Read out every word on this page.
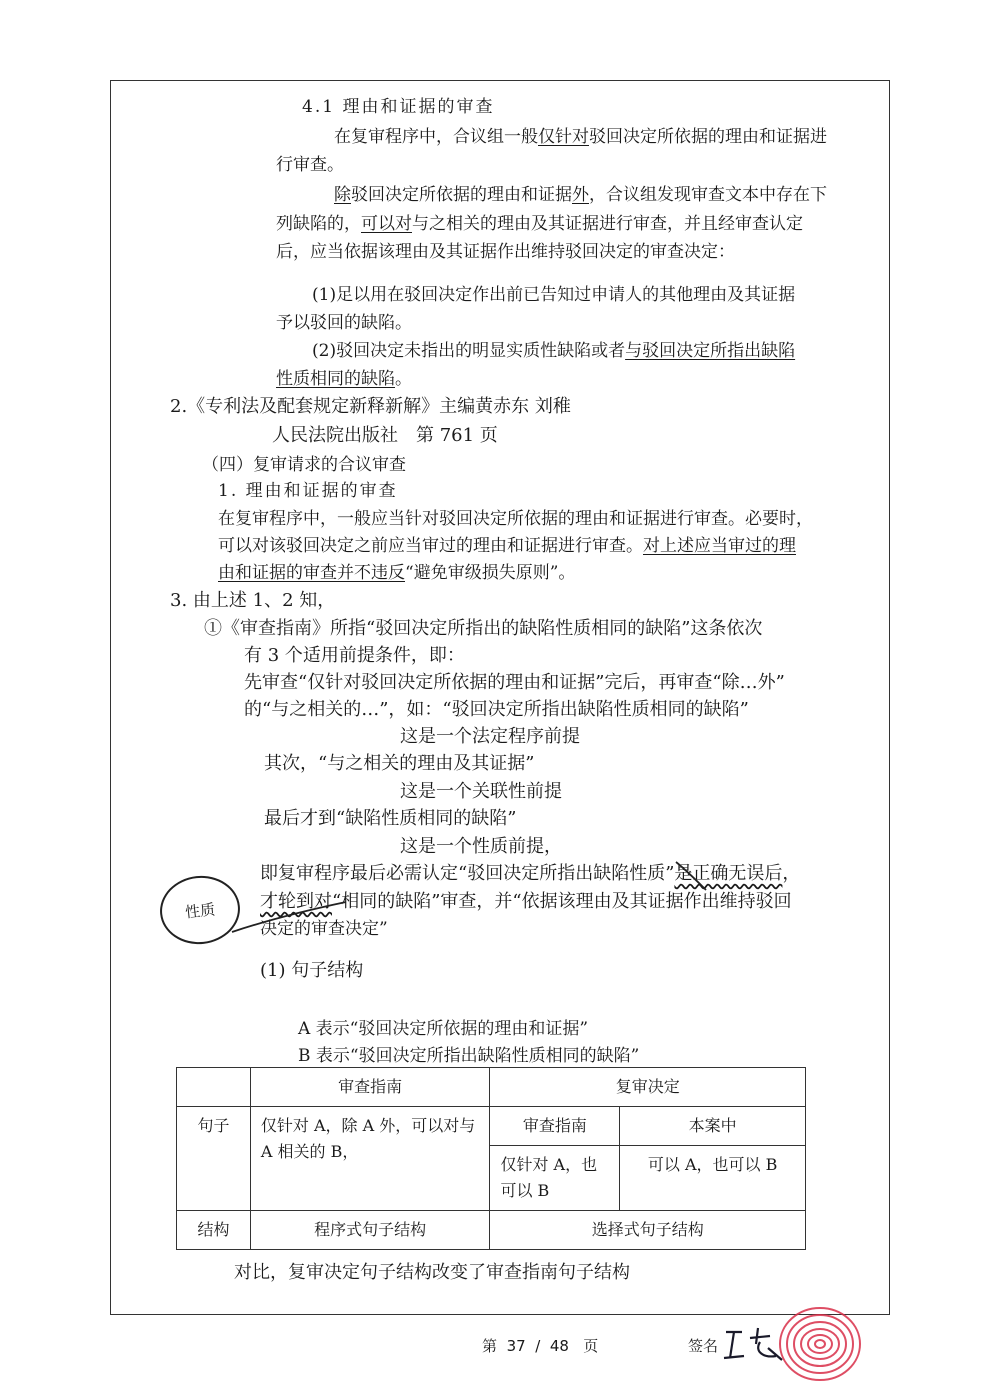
4.1 理由和证据的审查
在复审程序中，合议组一般仅针对驳回决定所依据的理由和证据进
行审查。
除驳回决定所依据的理由和证据外，合议组发现审查文本中存在下
列缺陷的，可以对与之相关的理由及其证据进行审查，并且经审查认定
后，应当依据该理由及其证据作出维持驳回决定的审查决定：
(1)足以用在驳回决定作出前已告知过申请人的其他理由及其证据
予以驳回的缺陷。
(2)驳回决定未指出的明显实质性缺陷或者与驳回决定所指出缺陷
性质相同的缺陷。
2.《专利法及配套规定新释新解》主编黄赤东 刘稚
人民法院出版社　第 761 页
（四）复审请求的合议审查
1. 理由和证据的审查
在复审程序中，一般应当针对驳回决定所依据的理由和证据进行审查。必要时，
可以对该驳回决定之前应当审过的理由和证据进行审查。对上述应当审过的理
由和证据的审查并不违反“避免审级损失原则”。
3. 由上述 1、2 知，
①《审查指南》所指“驳回决定所指出的缺陷性质相同的缺陷”这条依次
有 3 个适用前提条件，即：
先审查“仅针对驳回决定所依据的理由和证据”完后，再审查“除…外”
的“与之相关的…”，如：“驳回决定所指出缺陷性质相同的缺陷”
这是一个法定程序前提
其次，“与之相关的理由及其证据”
这是一个关联性前提
最后才到“缺陷性质相同的缺陷”
这是一个性质前提，
即复审程序最后必需认定“驳回决定所指出缺陷性质”是正确无误后，
才轮到对“相同的缺陷”审查，并“依据该理由及其证据作出维持驳回
决定的审查决定”
性质
(1) 句子结构
A 表示“驳回决定所依据的理由和证据”
B 表示“驳回决定所指出缺陷性质相同的缺陷”
	审查指南	复审决定	
句子	仅针对 A，除 A 外，可以对与 A 相关的 B，	审查指南	本案中
		仅针对 A，也可以 B	可以 A，也可以 B
结构	程序式句子结构	选择式句子结构	
对比，复审决定句子结构改变了审查指南句子结构
第 37 / 48 页	签名
